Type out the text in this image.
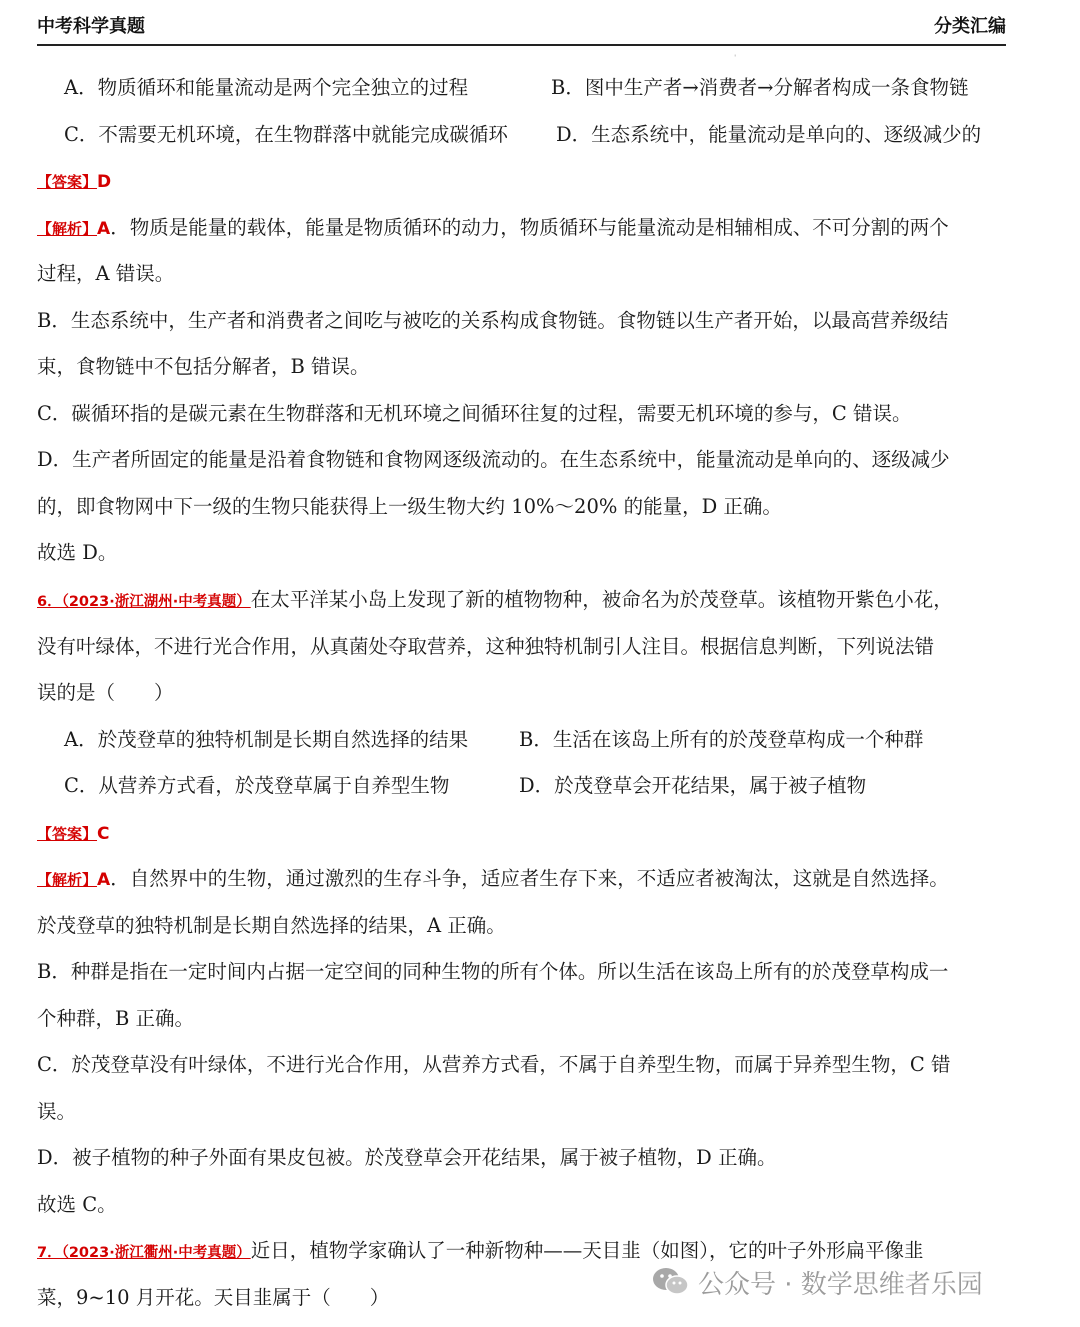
中考科学真题	分类汇编
ˈ
A．物质循环和能量流动是两个完全独立的过程	B．图中生产者→消费者→分解者构成一条食物链
C．不需要无机环境，在生物群落中就能完成碳循环 D．生态系统中，能量流动是单向的、逐级减少的
【答案】D
【解析】A．物质是能量的载体，能量是物质循环的动力，物质循环与能量流动是相辅相成、不可分割的两个
过程，A 错误。
B．生态系统中，生产者和消费者之间吃与被吃的关系构成食物链。食物链以生产者开始，以最高营养级结
束，食物链中不包括分解者，B 错误。
C．碳循环指的是碳元素在生物群落和无机环境之间循环往复的过程，需要无机环境的参与，C 错误。
D．生产者所固定的能量是沿着食物链和食物网逐级流动的。在生态系统中，能量流动是单向的、逐级减少
的，即食物网中下一级的生物只能获得上一级生物大约 10%～20% 的能量，D 正确。
故选 D。
6．（2023·浙江湖州·中考真题）在太平洋某小岛上发现了新的植物物种，被命名为於茂登草。该植物开紫色小花，
没有叶绿体，不进行光合作用，从真菌处夺取营养，这种独特机制引人注目。根据信息判断，下列说法错
误的是（　　）
A．於茂登草的独特机制是长期自然选择的结果	B．生活在该岛上所有的於茂登草构成一个种群
C．从营养方式看，於茂登草属于自养型生物	D．於茂登草会开花结果，属于被子植物
【答案】C
【解析】A．自然界中的生物，通过激烈的生存斗争，适应者生存下来，不适应者被淘汰，这就是自然选择。
於茂登草的独特机制是长期自然选择的结果，A 正确。
B．种群是指在一定时间内占据一定空间的同种生物的所有个体。所以生活在该岛上所有的於茂登草构成一
个种群，B 正确。
C．於茂登草没有叶绿体，不进行光合作用，从营养方式看，不属于自养型生物，而属于异养型生物，C 错
误。
D．被子植物的种子外面有果皮包被。於茂登草会开花结果，属于被子植物，D 正确。
故选 C。
7．（2023·浙江衢州·中考真题）近日，植物学家确认了一种新物种——天目韭（如图），它的叶子外形扁平像韭
菜，9~10 月开花。天目韭属于（　　）	公众号 · 数学思维者乐园
